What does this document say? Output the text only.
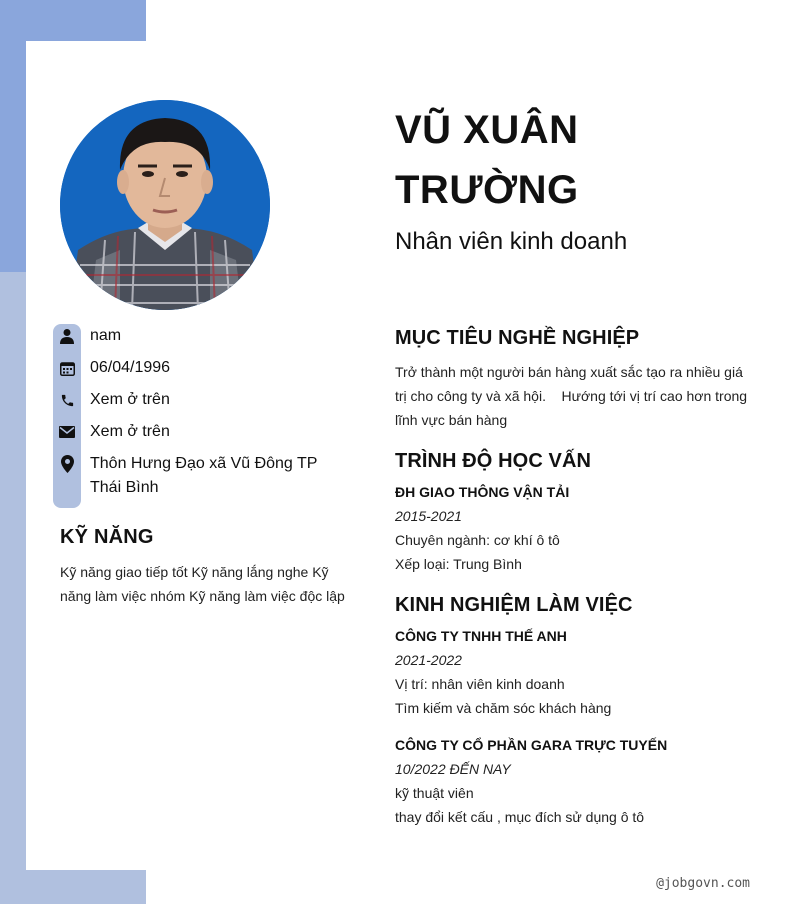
nam
06/04/1996
Xem ở trên
Xem ở trên
Thôn Hưng Đạo xã Vũ Đông TP Thái Bình
KỸ NĂNG
Kỹ năng giao tiếp tốt Kỹ năng lắng nghe Kỹ năng làm việc nhóm Kỹ năng làm việc độc lập
VŨ XUÂN TRƯỜNG
Nhân viên kinh doanh
MỤC TIÊU NGHỀ NGHIỆP
Trở thành một người bán hàng xuất sắc tạo ra nhiều giá trị cho công ty và xã hội.    Hướng tới vị trí cao hơn trong lĩnh vực bán hàng
TRÌNH ĐỘ HỌC VẤN
ĐH GIAO THÔNG VẬN TẢI
2015-2021
Chuyên ngành: cơ khí ô tô
Xếp loại: Trung Bình
KINH NGHIỆM LÀM VIỆC
CÔNG TY TNHH THẾ ANH
2021-2022
Vị trí: nhân viên kinh doanh
Tìm kiếm và chăm sóc khách hàng
CÔNG TY CỔ PHẦN GARA TRỰC TUYẾN
10/2022 ĐẾN NAY
kỹ thuật viên
thay đổi kết cấu , mục đích sử dụng ô tô
@jobgovn.com
